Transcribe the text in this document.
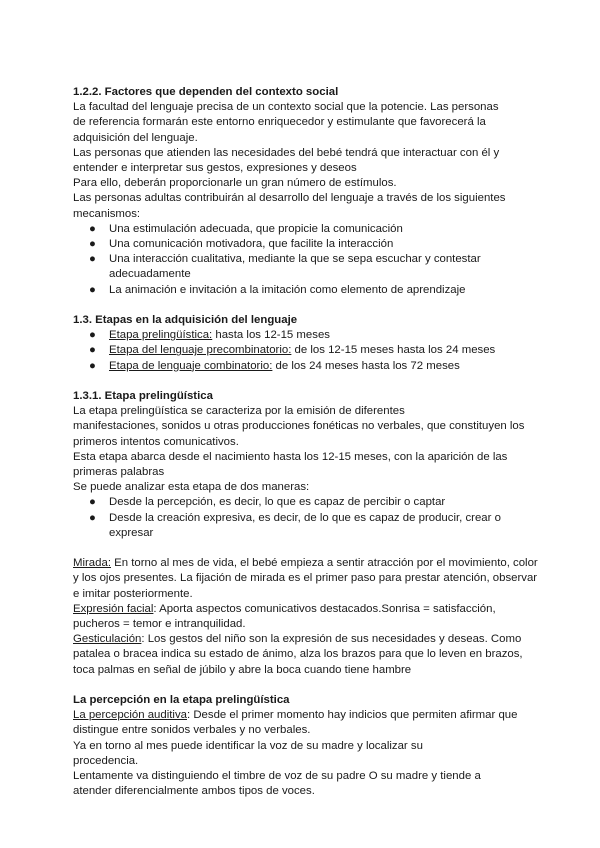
1.2.2. Factores que dependen del contexto social
La facultad del lenguaje precisa de un contexto social que la potencie. Las personas
de referencia formarán este entorno enriquecedor y estimulante que favorecerá la
adquisición del lenguaje.
Las personas que atienden las necesidades del bebé tendrá que interactuar con él y
entender e interpretar sus gestos, expresiones y deseos
Para ello, deberán proporcionarle un gran número de estímulos.
Las personas adultas contribuirán al desarrollo del lenguaje a través de los siguientes
mecanismos:
● Una estimulación adecuada, que propicie la comunicación
● Una comunicación motivadora, que facilite la interacción
● Una interacción cualitativa, mediante la que se sepa escuchar y contestar
adecuadamente
● La animación e invitación a la imitación como elemento de aprendizaje
1.3. Etapas en la adquisición del lenguaje
● Etapa prelingüística: hasta los 12-15 meses
● Etapa del lenguaje precombinatorio: de los 12-15 meses hasta los 24 meses
● Etapa de lenguaje combinatorio: de los 24 meses hasta los 72 meses
1.3.1. Etapa prelingüística
La etapa prelingüística se caracteriza por la emisión de diferentes
manifestaciones, sonidos u otras producciones fonéticas no verbales, que constituyen los
primeros intentos comunicativos.
Esta etapa abarca desde el nacimiento hasta los 12-15 meses, con la aparición de las
primeras palabras
Se puede analizar esta etapa de dos maneras:
● Desde la percepción, es decir, lo que es capaz de percibir o captar
● Desde la creación expresiva, es decir, de lo que es capaz de producir, crear o
expresar
Mirada: En torno al mes de vida, el bebé empieza a sentir atracción por el movimiento, color
y los ojos presentes. La fijación de mirada es el primer paso para prestar atención, observar
e imitar posteriormente.
Expresión facial: Aporta aspectos comunicativos destacados.Sonrisa = satisfacción,
pucheros = temor e intranquilidad.
Gesticulación: Los gestos del niño son la expresión de sus necesidades y deseas. Como
patalea o bracea indica su estado de ánimo, alza los brazos para que lo leven en brazos,
toca palmas en señal de júbilo y abre la boca cuando tiene hambre
La percepción en la etapa prelingüística
La percepción auditiva: Desde el primer momento hay indicios que permiten afirmar que
distingue entre sonidos verbales y no verbales.
Ya en torno al mes puede identificar la voz de su madre y localizar su
procedencia.
Lentamente va distinguiendo el timbre de voz de su padre O su madre y tiende a
atender diferencialmente ambos tipos de voces.
